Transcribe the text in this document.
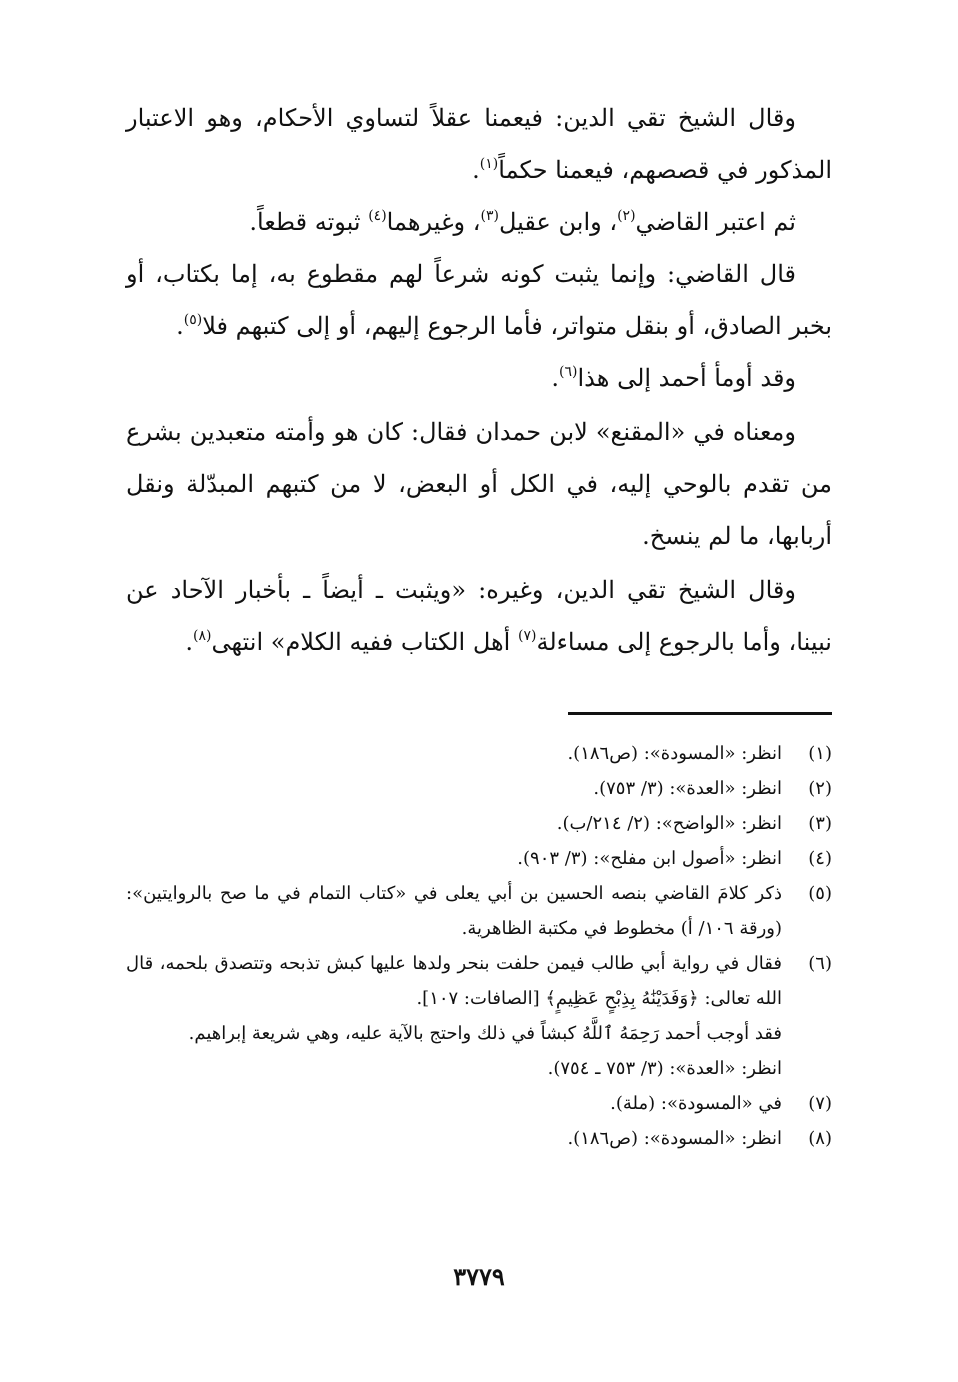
وقال الشيخ تقي الدين: فيعمنا عقلاً لتساوي الأحكام، وهو الاعتبار المذكور في قصصهم، فيعمنا حكماً$^{(١)}$.

ثم اعتبر القاضي$^{(٢)}$، وابن عقيل$^{(٣)}$، وغيرهما$^{(٤)}$ ثبوته قطعاً.

قال القاضي: وإنما يثبت كونه شرعاً لهم مقطوع به، إما بكتاب، أو بخبر الصادق، أو بنقل متواتر، فأما الرجوع إليهم، أو إلى كتبهم فلا$^{(٥)}$.

وقد أومأ أحمد إلى هذا$^{(٦)}$.

ومعناه في «المقنع» لابن حمدان فقال: كان هو وأمته متعبدين بشرع من تقدم بالوحي إليه، في الكل أو البعض، لا من كتبهم المبدّلة ونقل أربابها، ما لم ينسخ.

وقال الشيخ تقي الدين، وغيره: «ويثبت ـ أيضاً ـ بأخبار الآحاد عن نبينا، وأما بالرجوع إلى مساءلة$^{(٧)}$ أهل الكتاب ففيه الكلام» انتهى$^{(٨)}$.

(١)

انظر: «المسودة»: (ص١٨٦).

(٢)

انظر: «العدة»: (٣/ ٧٥٣).

(٣)

انظر: «الواضح»: (٢/ ٢١٤/ب).

(٤)

انظر: «أصول ابن مفلح»: (٣/ ٩٠٣).

(٥)

ذكر كلامَ القاضي بنصه الحسين بن أبي يعلى في «كتاب التمام في ما صح بالروايتين»: (ورقة ١٠٦/ أ) مخطوط في مكتبة الظاهرية.

(٦)

فقال في رواية أبي طالب فيمن حلفت بنحر ولدها عليها كبش تذبحه وتتصدق بلحمه، قال الله تعالى: ﴿وَفَدَيْنَٰهُ بِذِبْحٍ عَظِيمٍ﴾ [الصافات: ١٠٧].

فقد أوجب أحمد رَحِمَهُ ٱللَّهُ كبشاً في ذلك واحتج بالآية عليه، وهي شريعة إبراهيم.

انظر: «العدة»: (٣/ ٧٥٣ ـ ٧٥٤).

(٧)

في «المسودة»: (ملة).

(٨)

انظر: «المسودة»: (ص١٨٦).

٣٧٧٩
